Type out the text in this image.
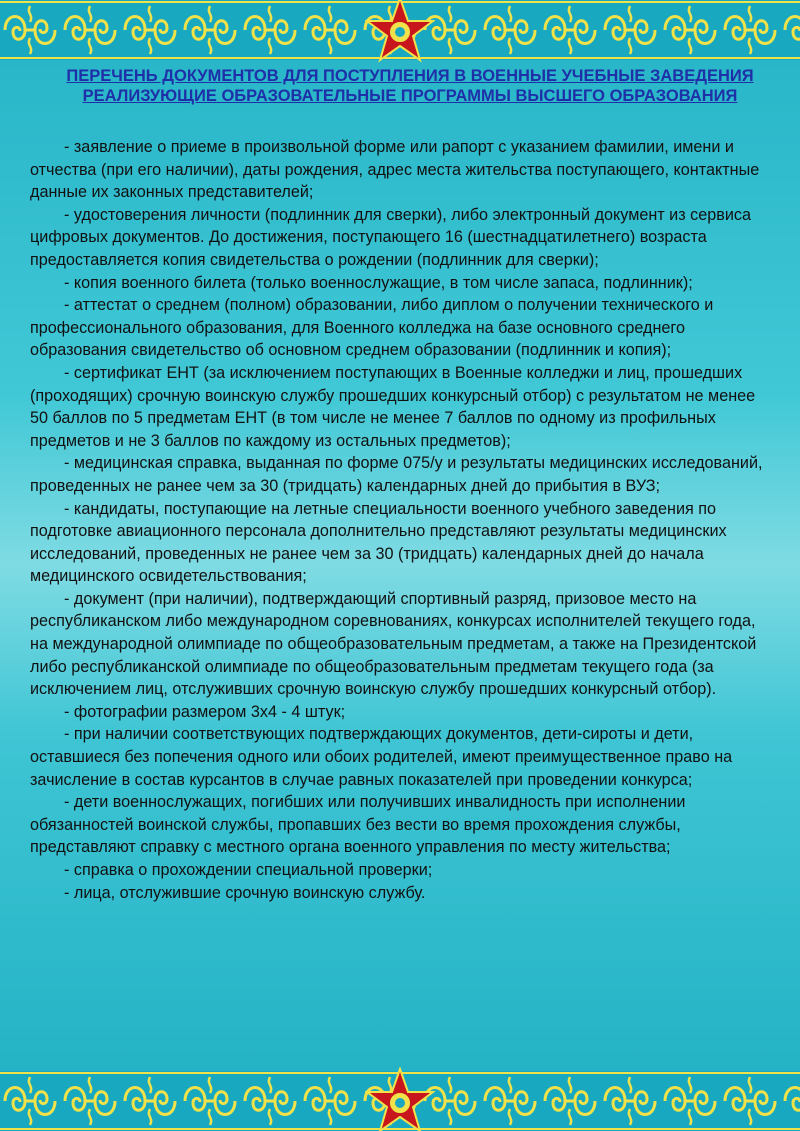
ПЕРЕЧЕНЬ ДОКУМЕНТОВ ДЛЯ ПОСТУПЛЕНИЯ В ВОЕННЫЕ УЧЕБНЫЕ ЗАВЕДЕНИЯ РЕАЛИЗУЮЩИЕ ОБРАЗОВАТЕЛЬНЫЕ ПРОГРАММЫ ВЫСШЕГО ОБРАЗОВАНИЯ

- заявление о приеме в произвольной форме или рапорт с указанием фамилии, имени и отчества (при его наличии), даты рождения, адрес места жительства поступающего, контактные данные их законных представителей;

- удостоверения личности (подлинник для сверки), либо электронный документ из сервиса цифровых документов. До достижения, поступающего 16 (шестнадцатилетнего) возраста предоставляется копия свидетельства о рождении (подлинник для сверки);

- копия военного билета (только военнослужащие, в том числе запаса, подлинник);

- аттестат о среднем (полном) образовании, либо диплом о получении технического и профессионального образования, для Военного колледжа на базе основного среднего образования свидетельство об основном среднем образовании (подлинник и копия);

- сертификат ЕНТ (за исключением поступающих в Военные колледжи и лиц, прошедших (проходящих) срочную воинскую службу прошедших конкурсный отбор) с результатом не менее 50 баллов по 5 предметам ЕНТ (в том числе не менее 7 баллов по одному из профильных предметов и не 3 баллов по каждому из остальных предметов);

- медицинская справка, выданная по форме 075/у и результаты медицинских исследований, проведенных не ранее чем за 30 (тридцать) календарных дней до прибытия в ВУЗ;

- кандидаты, поступающие на летные специальности военного учебного заведения по подготовке авиационного персонала дополнительно представляют результаты медицинских исследований, проведенных не ранее чем за 30 (тридцать) календарных дней до начала медицинского освидетельствования;

- документ (при наличии), подтверждающий спортивный разряд, призовое место на республиканском либо международном соревнованиях, конкурсах исполнителей текущего года, на международной олимпиаде по общеобразовательным предметам, а также на Президентской либо республиканской олимпиаде по общеобразовательным предметам текущего года (за исключением лиц, отслуживших срочную воинскую службу прошедших конкурсный отбор).

- фотографии размером 3х4 - 4 штук;

- при наличии соответствующих подтверждающих документов, дети-сироты и дети, оставшиеся без попечения одного или обоих родителей, имеют преимущественное право на зачисление в состав курсантов в случае равных показателей при проведении конкурса;

- дети военнослужащих, погибших или получивших инвалидность при исполнении обязанностей воинской службы, пропавших без вести во время прохождения службы, представляют справку с местного органа военного управления по месту жительства;

- справка о прохождении специальной проверки;

- лица, отслужившие срочную воинскую службу.
